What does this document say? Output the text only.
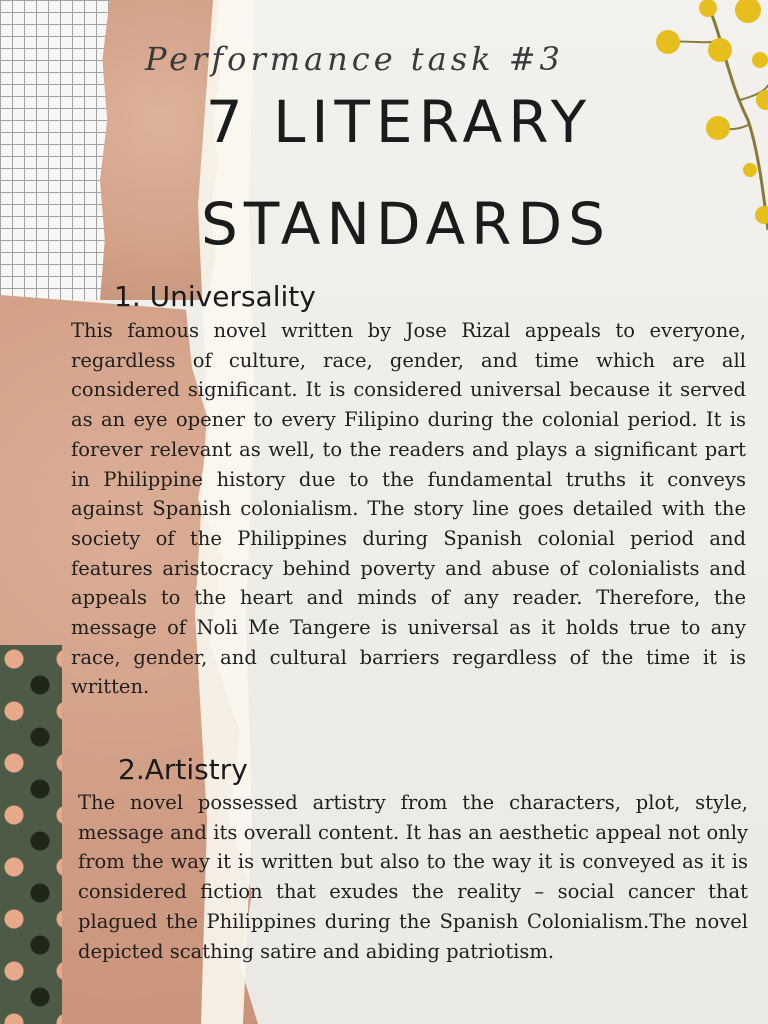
Performance task #3
7 LITERARY
STANDARDS
1. Universality
This famous novel written by Jose Rizal appeals to everyone, regardless of culture, race, gender, and time which are all considered significant. It is considered universal because it served as an eye opener to every Filipino during the colonial period. It is forever relevant as well, to the readers and plays a significant part in Philippine history due to the fundamental truths it conveys against Spanish colonialism. The story line goes detailed with the society of the Philippines during Spanish colonial period and features aristocracy behind poverty and abuse of colonialists and appeals to the heart and minds of any reader. Therefore, the message of Noli Me Tangere is universal as it holds true to any race, gender, and cultural barriers regardless of the time it is written.
2.Artistry
The novel possessed artistry from the characters, plot, style, message and its overall content. It has an aesthetic appeal not only from the way it is written but also to the way it is conveyed as it is considered fiction that exudes the reality – social cancer that plagued the Philippines during the Spanish Colonialism.The novel depicted scathing satire and abiding patriotism.
